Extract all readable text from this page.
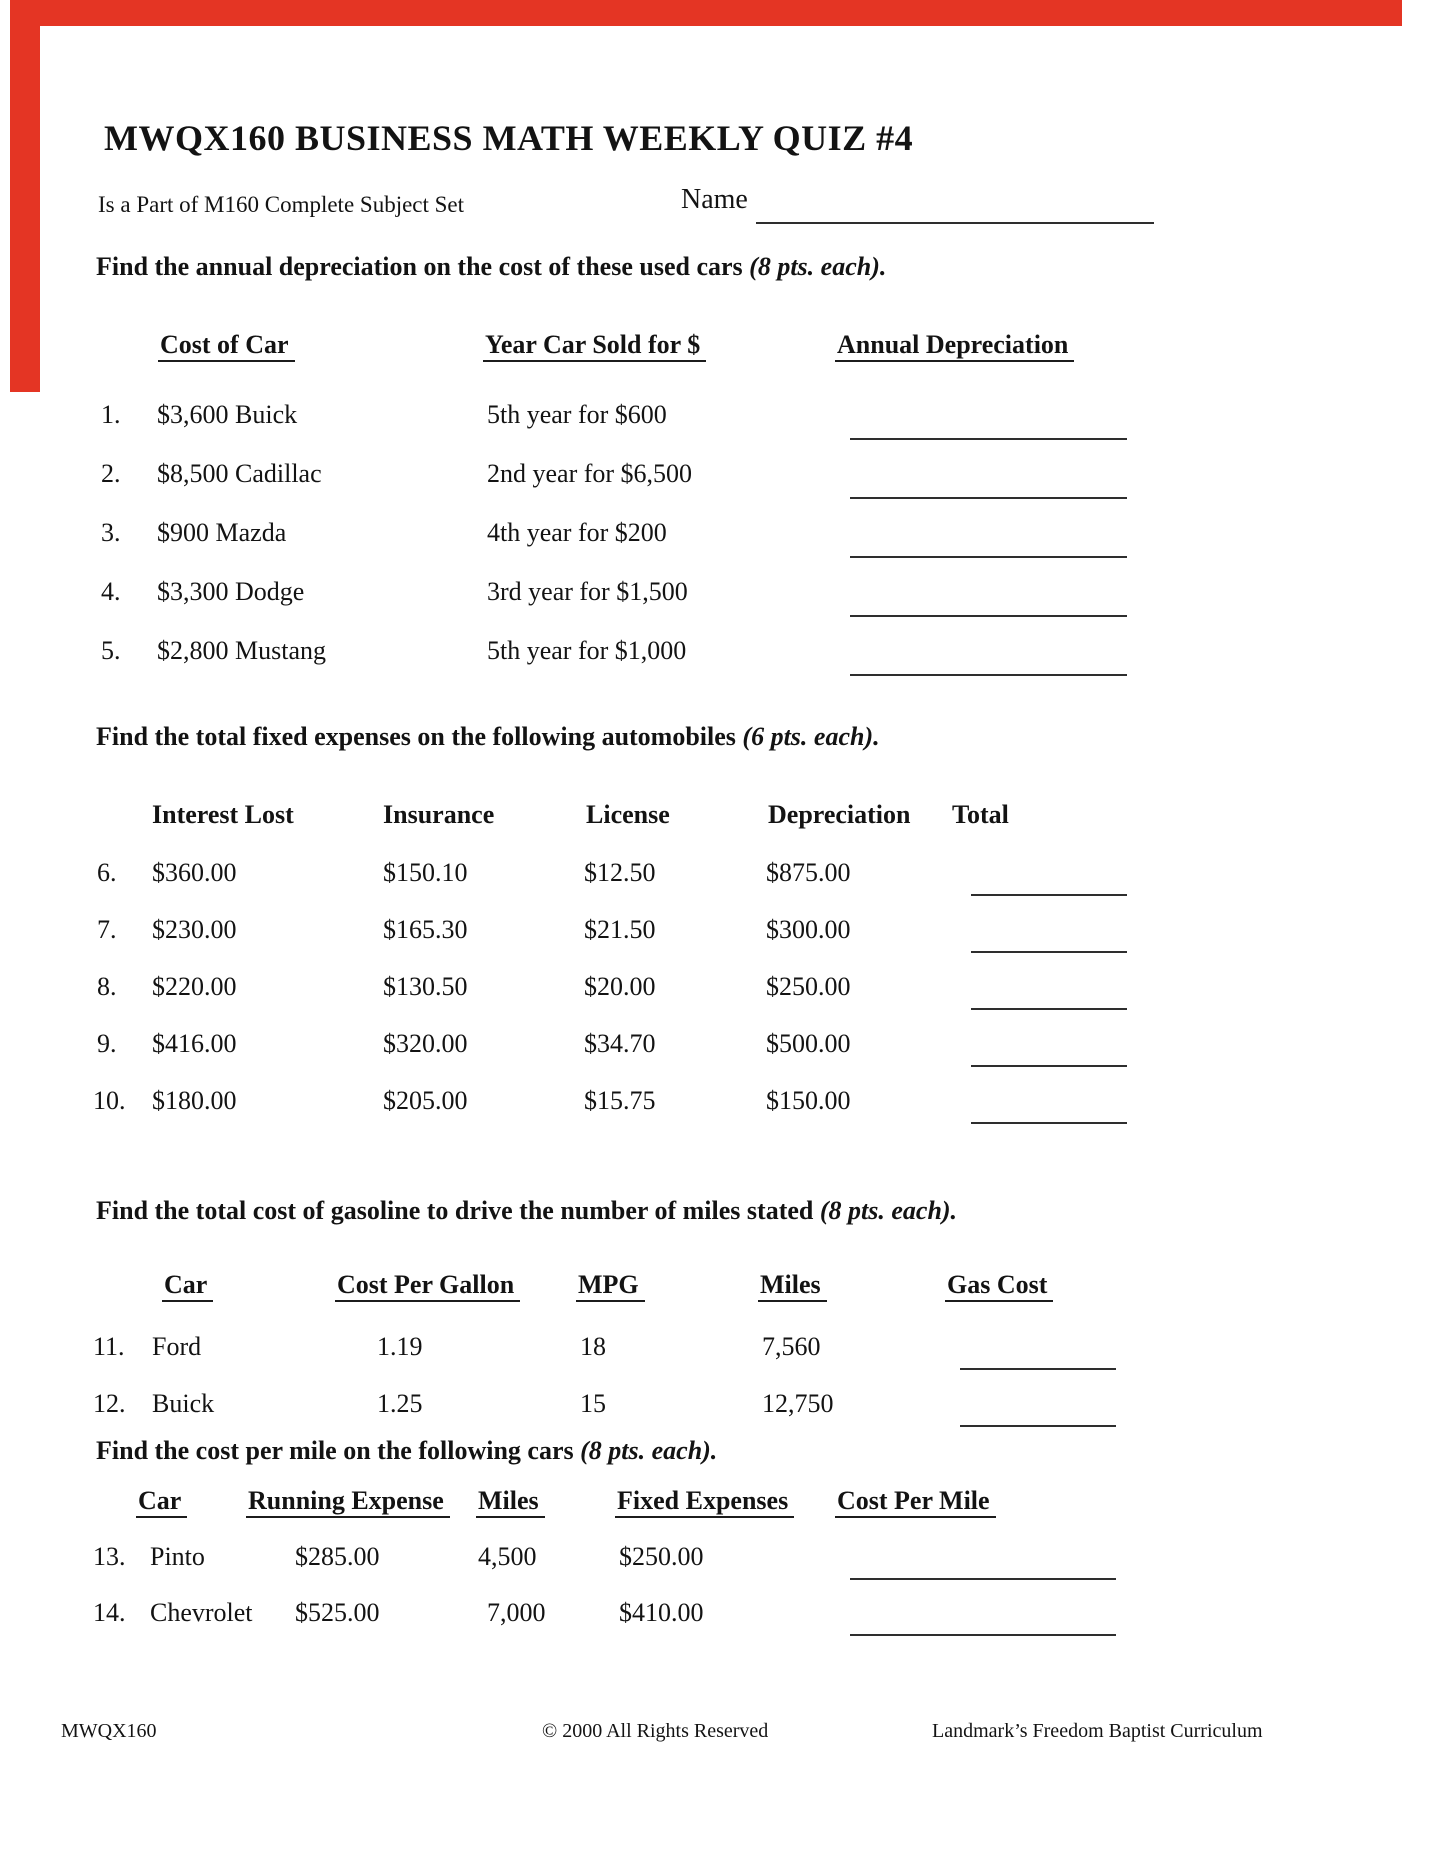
MWQX160 BUSINESS MATH WEEKLY QUIZ #4
Is a Part of M160 Complete Subject Set	Name
Find the annual depreciation on the cost of these used cars (8 pts. each).
Cost of Car	Year Car Sold for $	Annual Depreciation
1. $3,600 Buick	5th year for $600
2. $8,500 Cadillac	2nd year for $6,500
3. $900 Mazda	4th year for $200
4. $3,300 Dodge	3rd year for $1,500
5. $2,800 Mustang	5th year for $1,000
Find the total fixed expenses on the following automobiles (6 pts. each).
Interest Lost	Insurance	License	Depreciation Total
6. $360.00	$150.10	$12.50	$875.00
7. $230.00	$165.30	$21.50	$300.00
8. $220.00	$130.50	$20.00	$250.00
9. $416.00	$320.00	$34.70	$500.00
10. $180.00	$205.00	$15.75	$150.00
Find the total cost of gasoline to drive the number of miles stated (8 pts. each).
Car	Cost Per Gallon MPG	Miles	Gas Cost
11. Ford	1.19	18	7,560
12. Buick	1.25	15	12,750
Find the cost per mile on the following cars (8 pts. each).
Car	Running Expense Miles	Fixed Expenses Cost Per Mile
13. Pinto	$285.00	4,500	$250.00
14. Chevrolet $525.00	7,000	$410.00
MWQX160	© 2000 All Rights Reserved	Landmark’s Freedom Baptist Curriculum
